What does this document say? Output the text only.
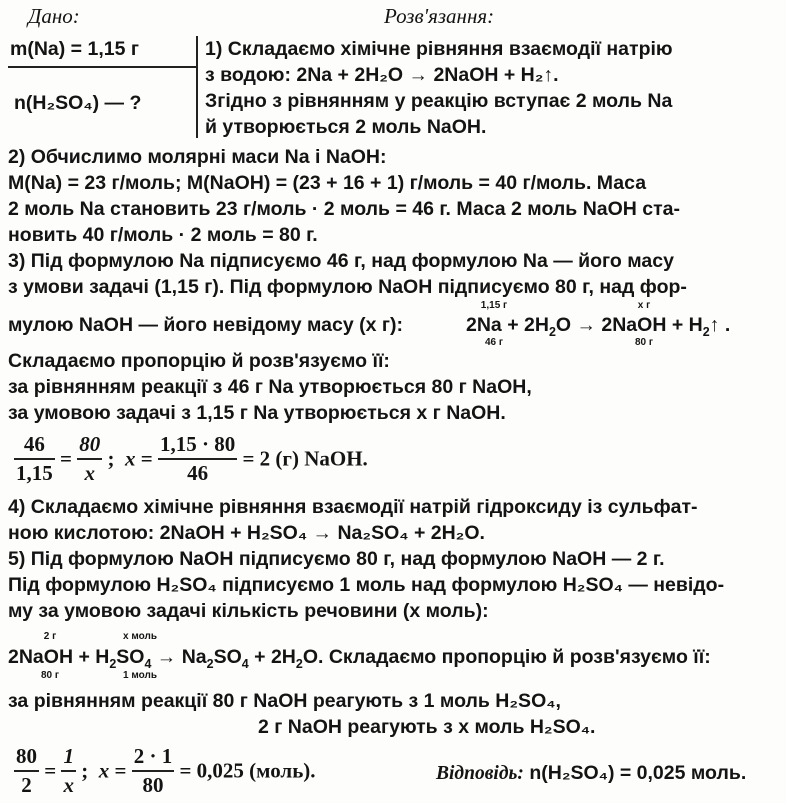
Дано:	Розв'язання:
m(Na) = 1,15 г
n(H₂SO₄) — ?
1) Складаємо хімічне рівняння взаємодії натрію
з водою: 2Na + 2H₂O → 2NaOH + H₂↑.
Згідно з рівнянням у реакцію вступає 2 моль Na
й утворюється 2 моль NaOH.
2) Обчислимо молярні маси Na і NaOH:
M(Na) = 23 г/моль; M(NaOH) = (23 + 16 + 1) г/моль = 40 г/моль. Маса
2 моль Na становить 23 г/моль · 2 моль = 46 г. Маса 2 моль NaOH ста-
новить 40 г/моль · 2 моль = 80 г.
3) Під формулою Na підписуємо 46 г, над формулою Na — його масу
з умови задачі (1,15 г). Під формулою NaOH підписуємо 80 г, над фор-
мулою NaOH — його невідому масу (x г):	$2Na + 2H_2O$ → 2NaOH + $H_2↑$ .
1,15 г
46 г
x г
80 г
Складаємо пропорцію й розв'язуємо її:
за рівнянням реакції з 46 г Na утворюється 80 г NaOH,
за умовою задачі з 1,15 г Na утворюється x г NaOH.
$\frac{46}{1,15} = \frac{80}{x}$ ;  $x = \frac{1,15 \cdot 80}{46} = 2$ (г) NaOH.
4) Складаємо хімічне рівняння взаємодії натрій гідроксиду із сульфат-
ною кислотою: 2NaOH + H₂SO₄ → Na₂SO₄ + 2H₂O.
5) Під формулою NaOH підписуємо 80 г, над формулою NaOH — 2 г.
Під формулою H₂SO₄ підписуємо 1 моль над формулою H₂SO₄ — невідо-
му за умовою задачі кількість речовини (x моль):
2NaOH + $H_2SO_4 \to Na_2SO_4 + 2H_2O$. Складаємо пропорцію й розв'язуємо її:
2 г
80 г
x моль
1 моль
за рівнянням реакції 80 г NaOH реагують з 1 моль H₂SO₄,
2 г NaOH реагують з x моль H₂SO₄.
$\frac{80}{2} = \frac{1}{x}$ ;  $x = \frac{2 \cdot 1}{80} = 0,025$ (моль).	Відповідь: n(H₂SO₄) = 0,025 моль.
